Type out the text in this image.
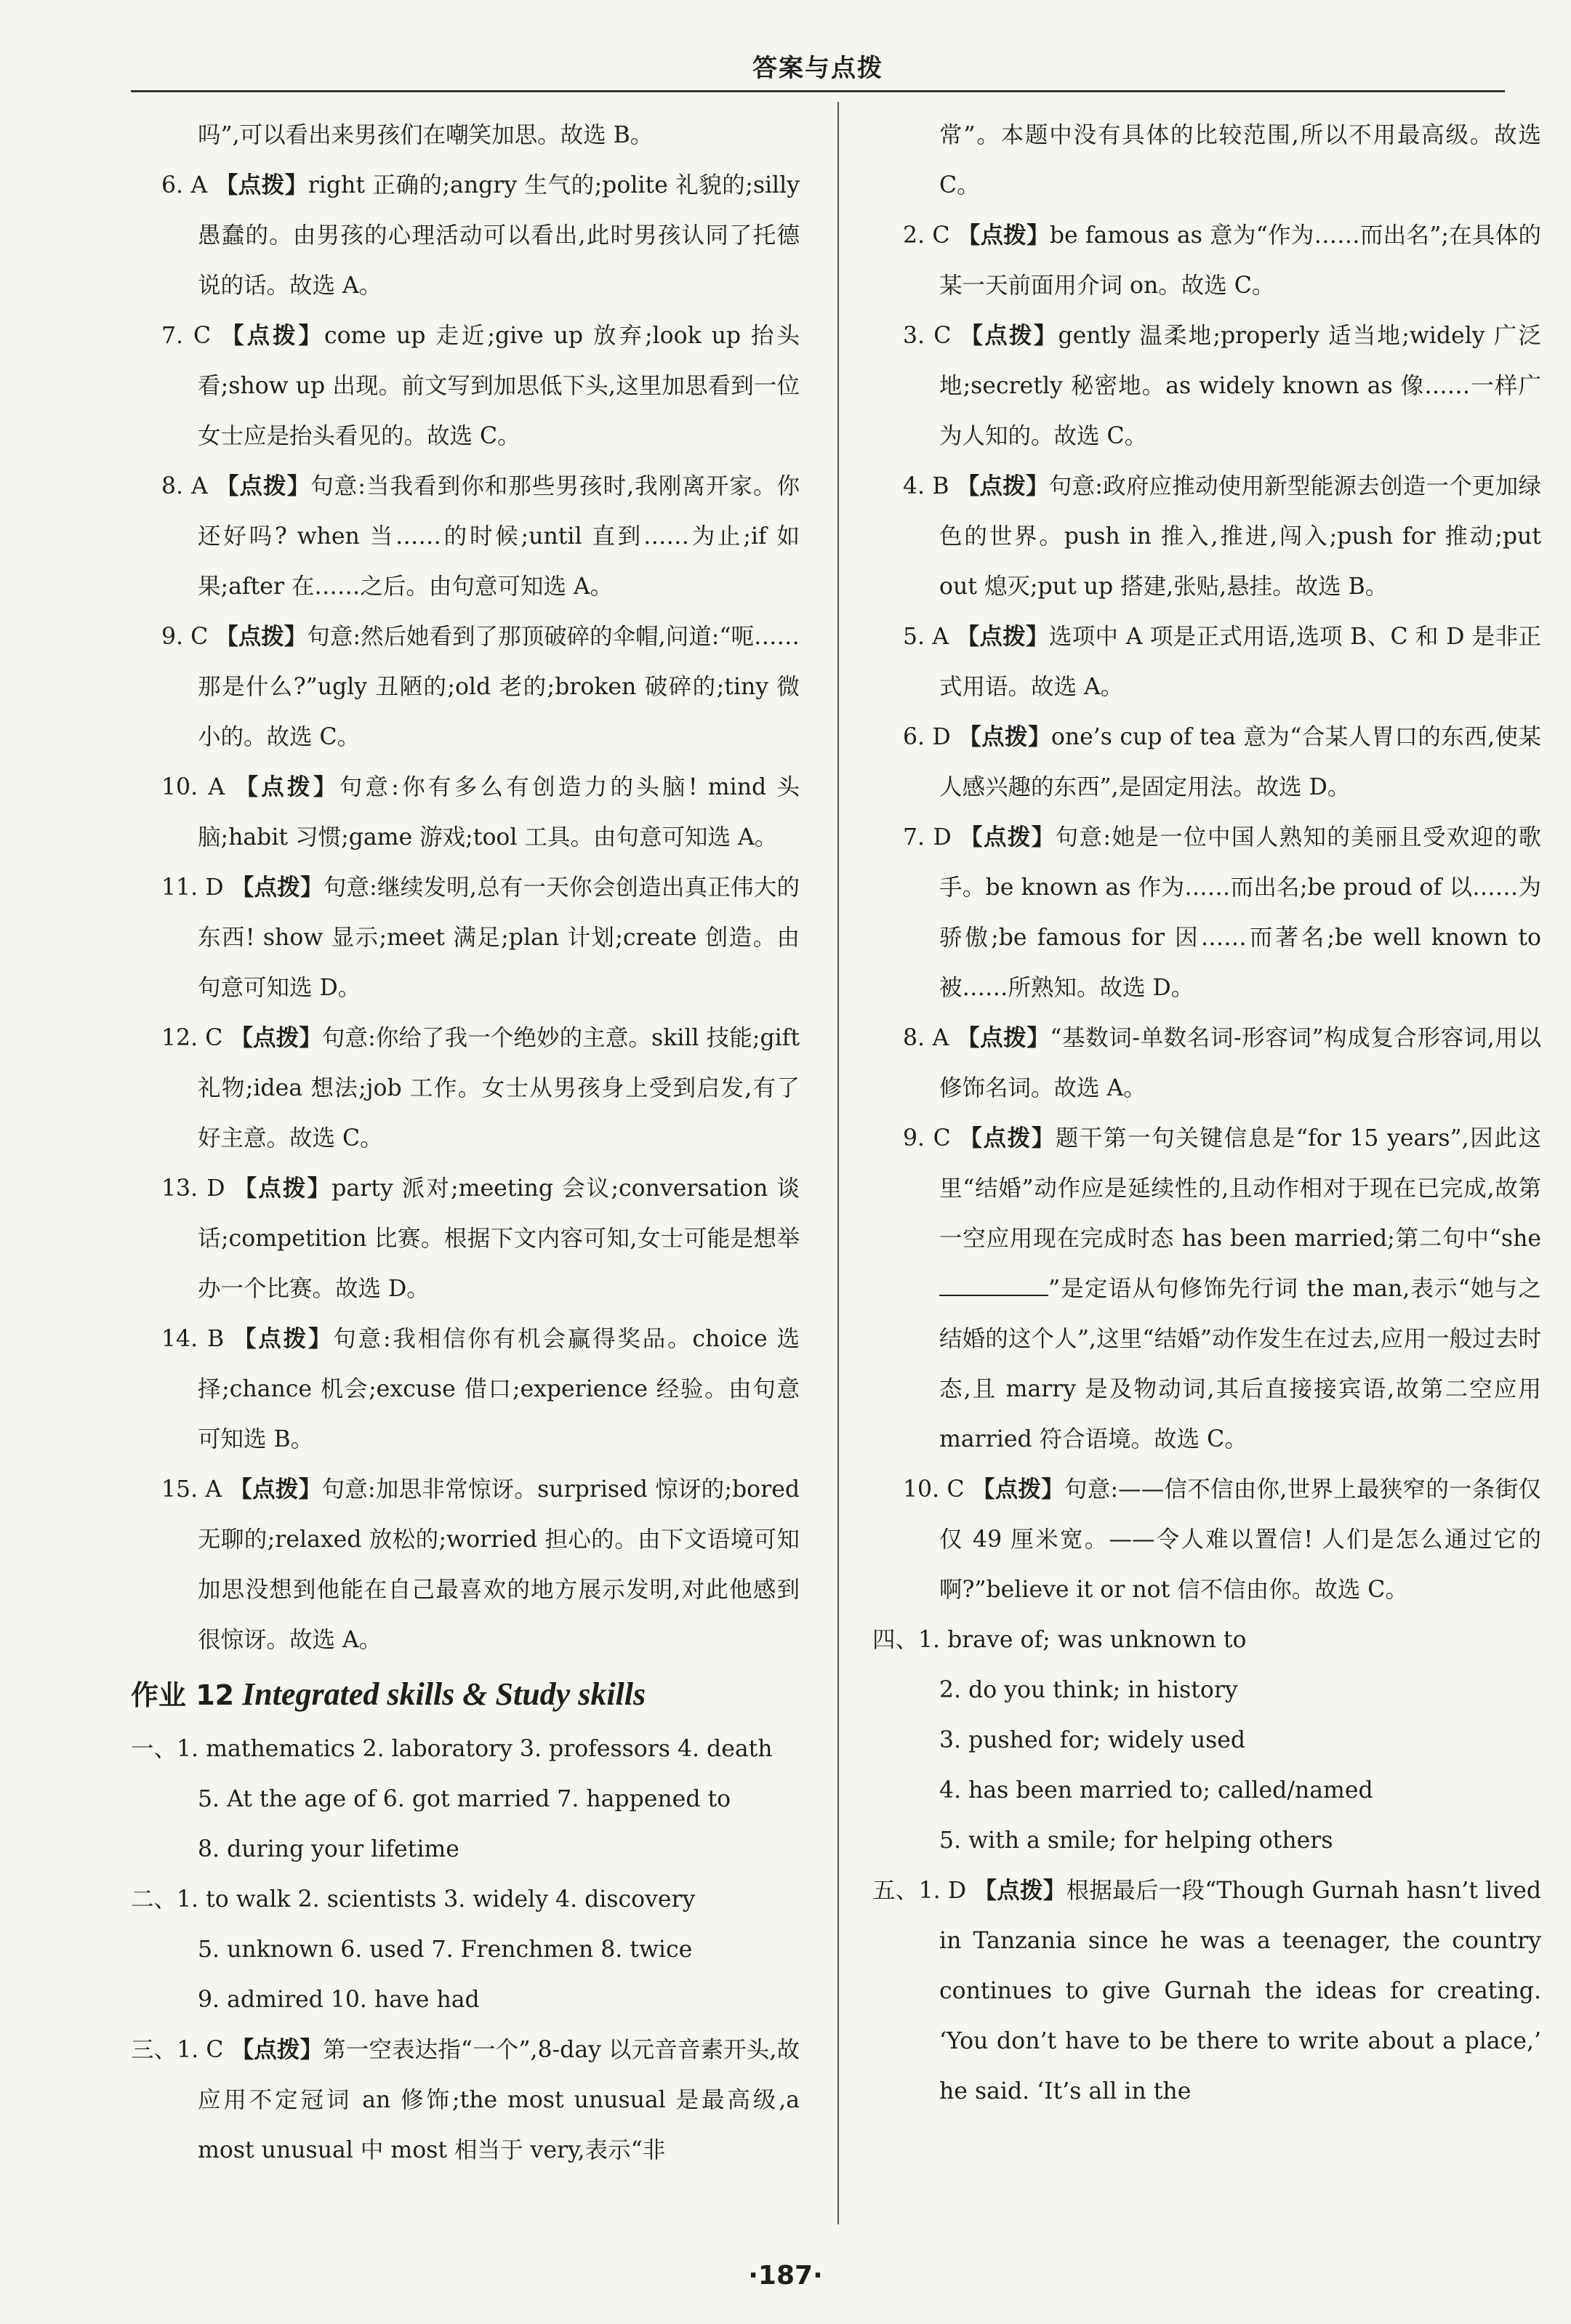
答案与点拨

吗”,可以看出来男孩们在嘲笑加思。故选 B。

6. A 【点拨】right 正确的;angry 生气的;polite 礼貌的;silly 愚蠢的。由男孩的心理活动可以看出,此时男孩认同了托德说的话。故选 A。

7. C 【点拨】come up 走近;give up 放弃;look up 抬头看;show up 出现。前文写到加思低下头,这里加思看到一位女士应是抬头看见的。故选 C。

8. A 【点拨】句意:当我看到你和那些男孩时,我刚离开家。你还好吗? when 当……的时候;until 直到……为止;if 如果;after 在……之后。由句意可知选 A。

9. C 【点拨】句意:然后她看到了那顶破碎的伞帽,问道:“呃……那是什么?”ugly 丑陋的;old 老的;broken 破碎的;tiny 微小的。故选 C。

10. A 【点拨】句意:你有多么有创造力的头脑! mind 头脑;habit 习惯;game 游戏;tool 工具。由句意可知选 A。

11. D 【点拨】句意:继续发明,总有一天你会创造出真正伟大的东西! show 显示;meet 满足;plan 计划;create 创造。由句意可知选 D。

12. C 【点拨】句意:你给了我一个绝妙的主意。skill 技能;gift 礼物;idea 想法;job 工作。女士从男孩身上受到启发,有了好主意。故选 C。

13. D 【点拨】party 派对;meeting 会议;conversation 谈话;competition 比赛。根据下文内容可知,女士可能是想举办一个比赛。故选 D。

14. B 【点拨】句意:我相信你有机会赢得奖品。choice 选择;chance 机会;excuse 借口;experience 经验。由句意可知选 B。

15. A 【点拨】句意:加思非常惊讶。surprised 惊讶的;bored 无聊的;relaxed 放松的;worried 担心的。由下文语境可知加思没想到他能在自己最喜欢的地方展示发明,对此他感到很惊讶。故选 A。

作业 12 Integrated skills & Study skills

一、1. mathematics 2. laboratory 3. professors 4. death

5. At the age of 6. got married 7. happened to

8. during your lifetime

二、1. to walk 2. scientists 3. widely 4. discovery

5. unknown 6. used 7. Frenchmen 8. twice

9. admired 10. have had

三、1. C 【点拨】第一空表达指“一个”,8-day 以元音音素开头,故应用不定冠词 an 修饰;the most unusual 是最高级,a most unusual 中 most 相当于 very,表示“非

常”。本题中没有具体的比较范围,所以不用最高级。故选 C。

2. C 【点拨】be famous as 意为“作为……而出名”;在具体的某一天前面用介词 on。故选 C。

3. C 【点拨】gently 温柔地;properly 适当地;widely 广泛地;secretly 秘密地。as widely known as 像……一样广为人知的。故选 C。

4. B 【点拨】句意:政府应推动使用新型能源去创造一个更加绿色的世界。push in 推入,推进,闯入;push for 推动;put out 熄灭;put up 搭建,张贴,悬挂。故选 B。

5. A 【点拨】选项中 A 项是正式用语,选项 B、C 和 D 是非正式用语。故选 A。

6. D 【点拨】one’s cup of tea 意为“合某人胃口的东西,使某人感兴趣的东西”,是固定用法。故选 D。

7. D 【点拨】句意:她是一位中国人熟知的美丽且受欢迎的歌手。be known as 作为……而出名;be proud of 以……为骄傲;be famous for 因……而著名;be well known to 被……所熟知。故选 D。

8. A 【点拨】“基数词-单数名词-形容词”构成复合形容词,用以修饰名词。故选 A。

9. C 【点拨】题干第一句关键信息是“for 15 years”,因此这里“结婚”动作应是延续性的,且动作相对于现在已完成,故第一空应用现在完成时态 has been married;第二句中“she ”是定语从句修饰先行词 the man,表示“她与之结婚的这个人”,这里“结婚”动作发生在过去,应用一般过去时态,且 marry 是及物动词,其后直接接宾语,故第二空应用 married 符合语境。故选 C。

10. C 【点拨】句意:——信不信由你,世界上最狭窄的一条街仅仅 49 厘米宽。——令人难以置信! 人们是怎么通过它的啊?”believe it or not 信不信由你。故选 C。

四、1. brave of; was unknown to

2. do you think; in history

3. pushed for; widely used

4. has been married to; called/named

5. with a smile; for helping others

五、1. D 【点拨】根据最后一段“Though Gurnah hasn’t lived in Tanzania since he was a teenager, the country continues to give Gurnah the ideas for creating. ‘You don’t have to be there to write about a place,’ he said. ‘It’s all in the

·187·
